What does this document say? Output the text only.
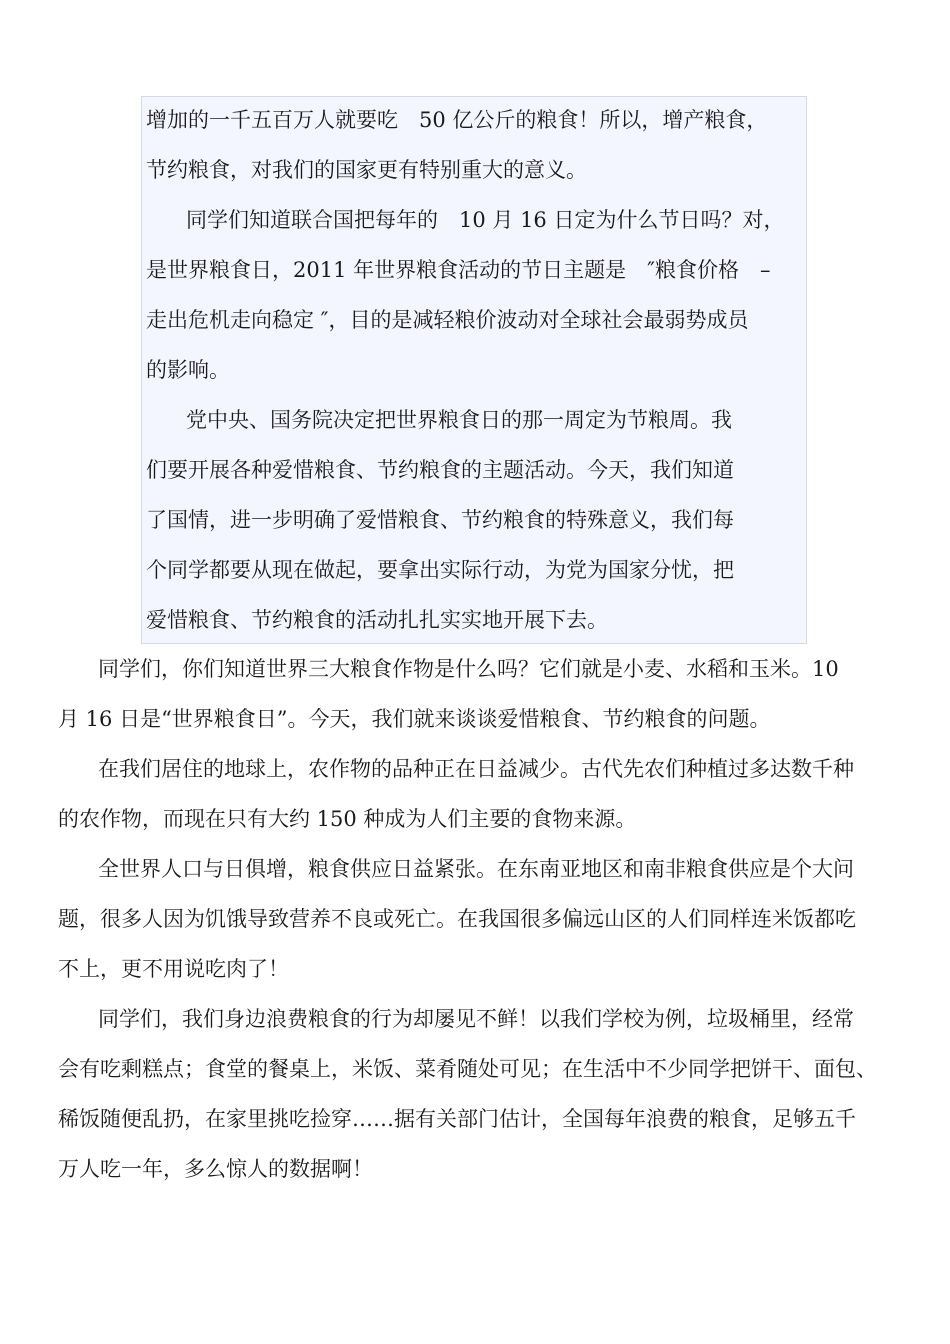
增加的一千五百万人就要吃　50 亿公斤的粮食！所以，增产粮食，
节约粮食，对我们的国家更有特别重大的意义。
同学们知道联合国把每年的　10 月 16 日定为什么节日吗？对，
是世界粮食日，2011 年世界粮食活动的节日主题是　″粮食价格　–
走出危机走向稳定 ″，目的是减轻粮价波动对全球社会最弱势成员
的影响。
党中央、国务院决定把世界粮食日的那一周定为节粮周。我
们要开展各种爱惜粮食、节约粮食的主题活动。今天，我们知道
了国情，进一步明确了爱惜粮食、节约粮食的特殊意义，我们每
个同学都要从现在做起，要拿出实际行动，为党为国家分忧，把
爱惜粮食、节约粮食的活动扎扎实实地开展下去。
同学们，你们知道世界三大粮食作物是什么吗？它们就是小麦、水稻和玉米。10
月 16 日是“世界粮食日”。今天，我们就来谈谈爱惜粮食、节约粮食的问题。
在我们居住的地球上，农作物的品种正在日益减少。古代先农们种植过多达数千种
的农作物，而现在只有大约 150 种成为人们主要的食物来源。
全世界人口与日俱增，粮食供应日益紧张。在东南亚地区和南非粮食供应是个大问
题，很多人因为饥饿导致营养不良或死亡。在我国很多偏远山区的人们同样连米饭都吃
不上，更不用说吃肉了！
同学们，我们身边浪费粮食的行为却屡见不鲜！以我们学校为例，垃圾桶里，经常
会有吃剩糕点；食堂的餐桌上，米饭、菜肴随处可见；在生活中不少同学把饼干、面包、
稀饭随便乱扔，在家里挑吃捡穿……据有关部门估计，全国每年浪费的粮食，足够五千
万人吃一年，多么惊人的数据啊！
